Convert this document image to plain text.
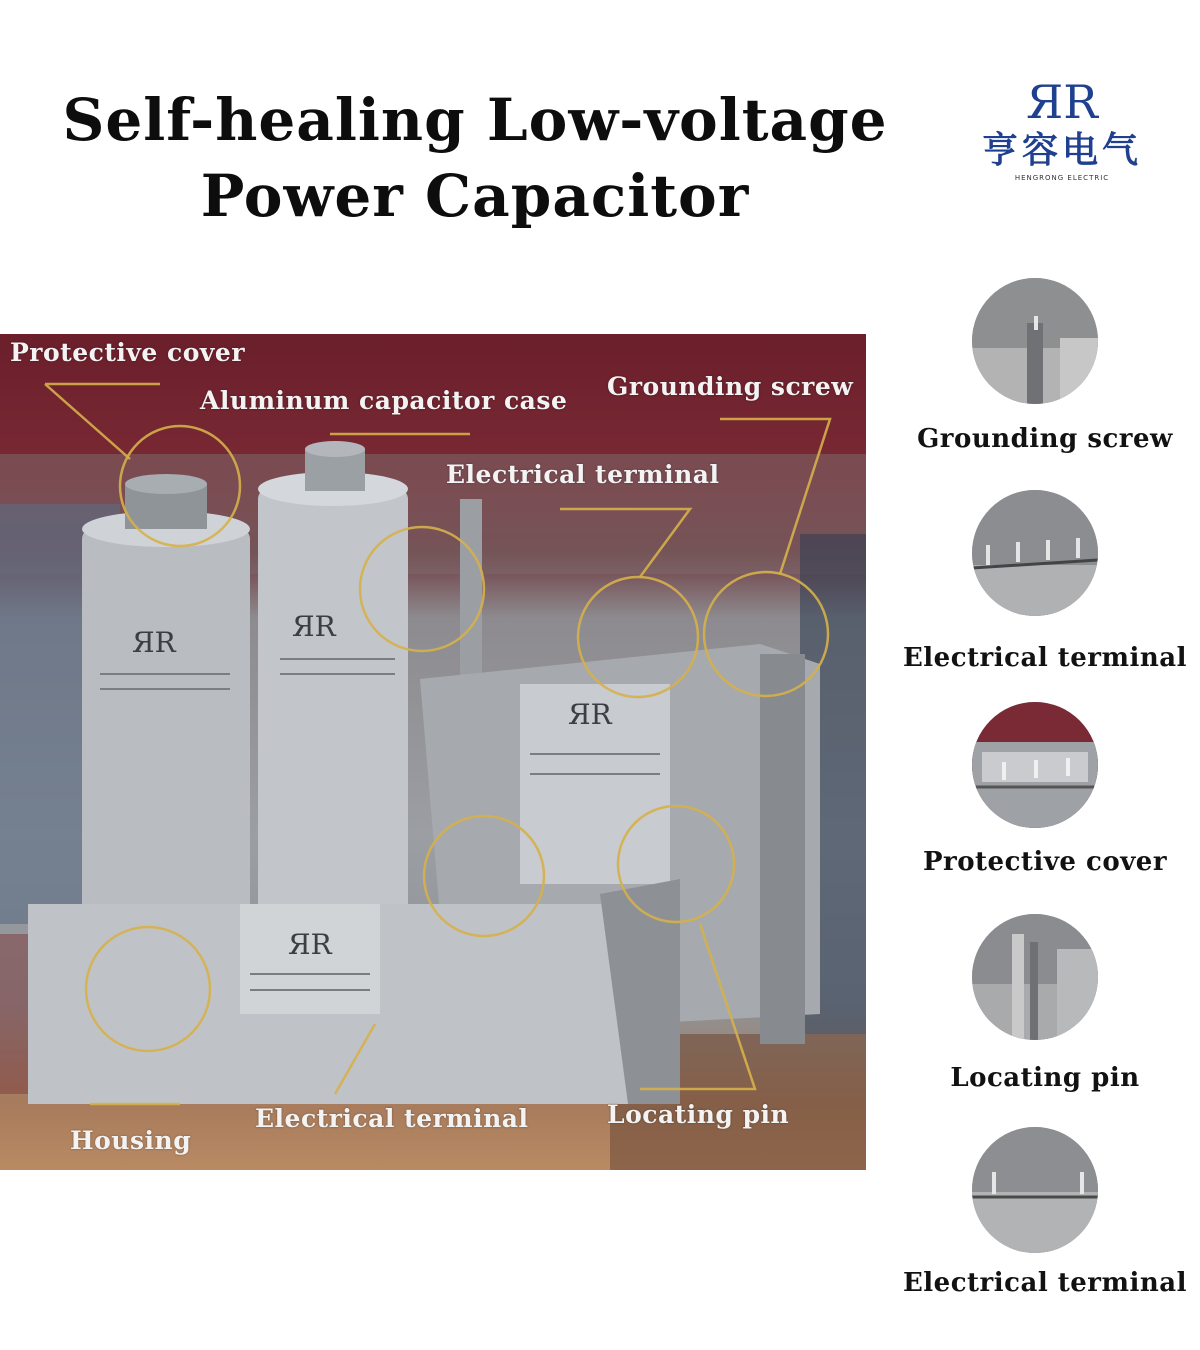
Self-healing Low-voltage
Power Capacitor
ЯR
亨容电气
HENGRONG ELECTRIC
ЯR	ЯR
ЯR
ЯR
Protective cover
Aluminum capacitor case Grounding screw
Electrical terminal
Housing
Electrical terminal	Locating pin
Grounding screw
Electrical terminal
Protective cover
Locating pin
Electrical terminal
